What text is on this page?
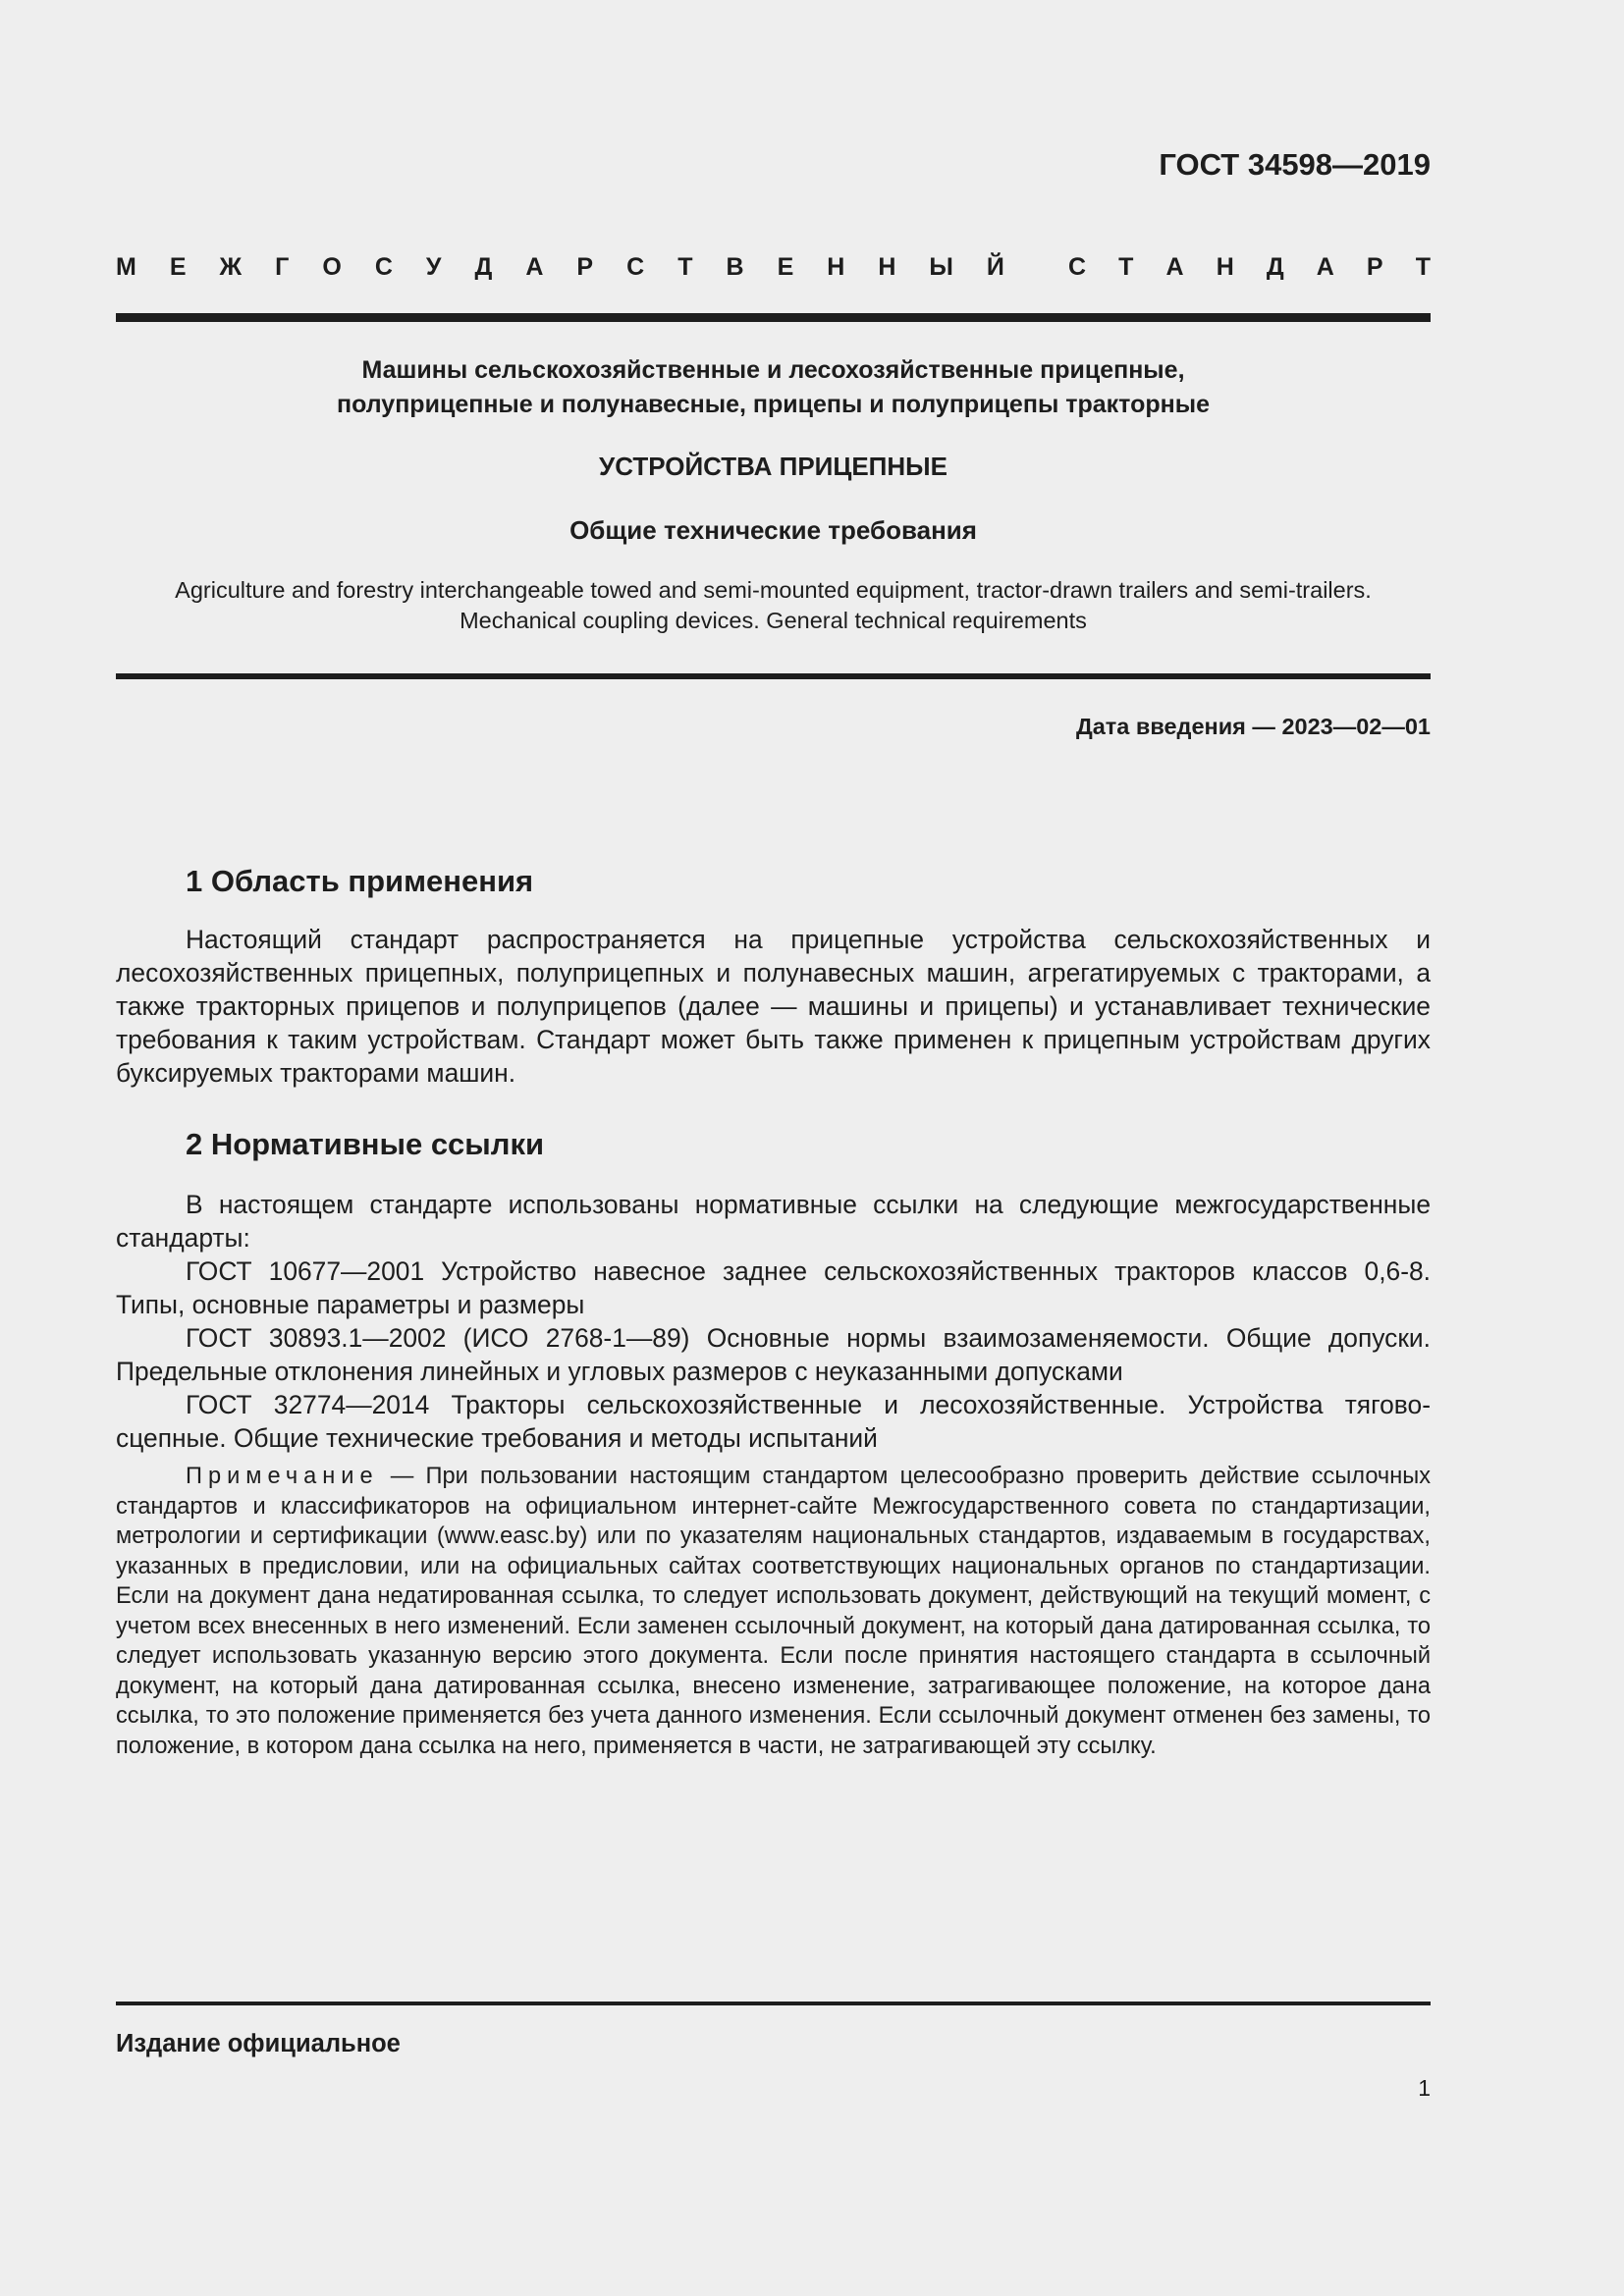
ГОСТ 34598—2019
М Е Ж Г О С У Д А Р С Т В Е Н Н Ы Й	С Т А Н Д А Р Т
Машины сельскохозяйственные и лесохозяйственные прицепные,
полуприцепные и полунавесные, прицепы и полуприцепы тракторные
УСТРОЙСТВА ПРИЦЕПНЫЕ
Общие технические требования
Agriculture and forestry interchangeable towed and semi-mounted equipment, tractor-drawn trailers and semi-trailers.
Mechanical coupling devices. General technical requirements
Дата введения — 2023—02—01
1 Область применения

Настоящий стандарт распространяется на прицепные устройства сельскохозяйственных и лесохозяйственных прицепных, полуприцепных и полунавесных машин, агрегатируемых с тракторами, а также тракторных прицепов и полуприцепов (далее — машины и прицепы) и устанавливает технические требования к таким устройствам. Стандарт может быть также применен к прицепным устройствам других буксируемых тракторами машин.

2 Нормативные ссылки

В настоящем стандарте использованы нормативные ссылки на следующие межгосударственные стандарты:

ГОСТ 10677—2001 Устройство навесное заднее сельскохозяйственных тракторов классов 0,6-8. Типы, основные параметры и размеры

ГОСТ 30893.1—2002 (ИСО 2768-1—89) Основные нормы взаимозаменяемости. Общие допуски. Предельные отклонения линейных и угловых размеров с неуказанными допусками

ГОСТ 32774—2014 Тракторы сельскохозяйственные и лесохозяйственные. Устройства тягово-сцепные. Общие технические требования и методы испытаний

Примечание — При пользовании настоящим стандартом целесообразно проверить действие ссылочных стандартов и классификаторов на официальном интернет-сайте Межгосударственного совета по стандартизации, метрологии и сертификации (www.easc.by) или по указателям национальных стандартов, издаваемым в государствах, указанных в предисловии, или на официальных сайтах соответствующих национальных органов по стандартизации. Если на документ дана недатированная ссылка, то следует использовать документ, действующий на текущий момент, с учетом всех внесенных в него изменений. Если заменен ссылочный документ, на который дана датированная ссылка, то следует использовать указанную версию этого документа. Если после принятия настоящего стандарта в ссылочный документ, на который дана датированная ссылка, внесено изменение, затрагивающее положение, на которое дана ссылка, то это положение применяется без учета данного изменения. Если ссылочный документ отменен без замены, то положение, в котором дана ссылка на него, применяется в части, не затрагивающей эту ссылку.

Издание официальное
1
